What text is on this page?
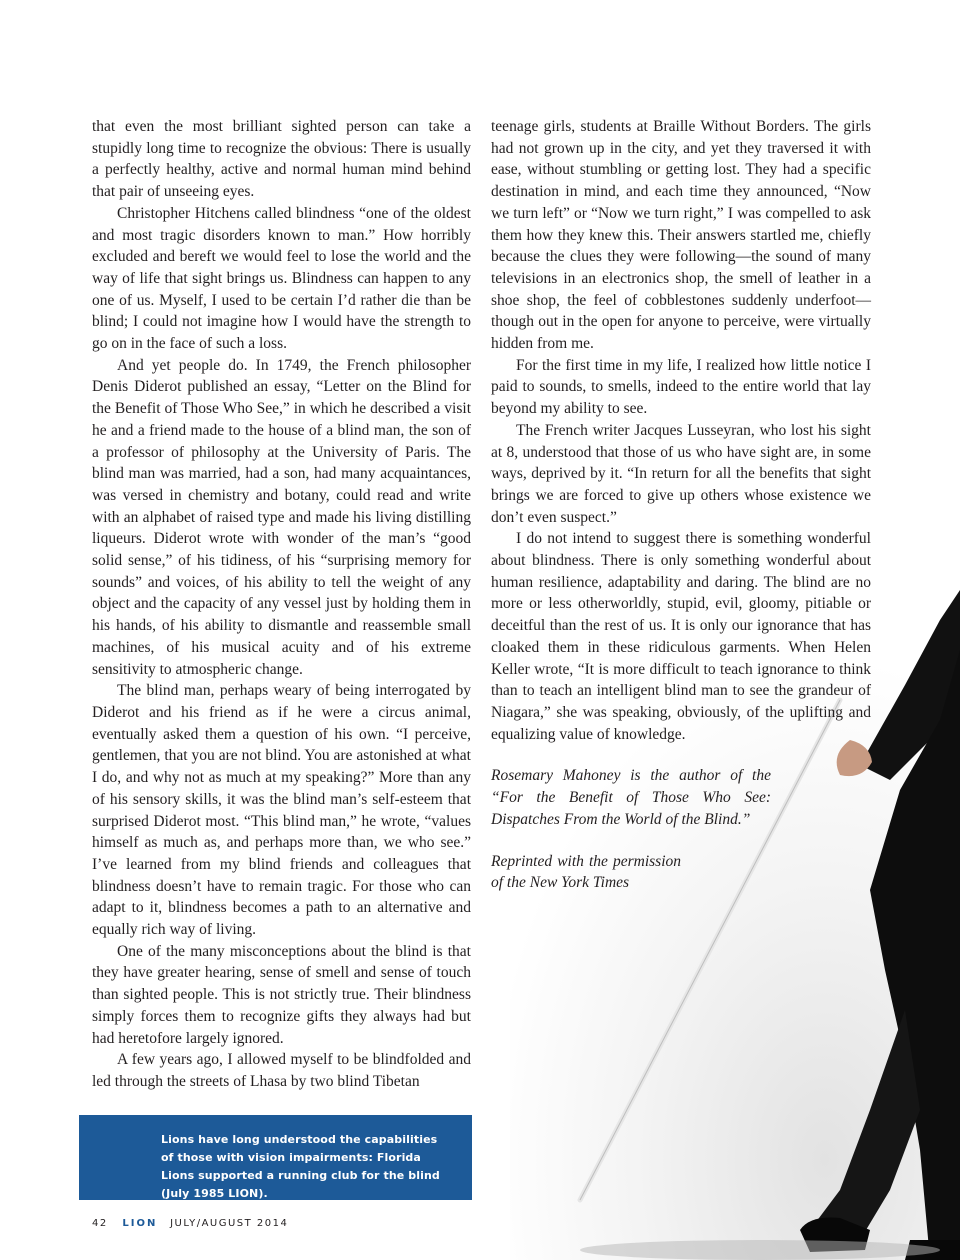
that even the most brilliant sighted person can take a stupidly long time to recognize the obvious: There is usually a perfectly healthy, active and normal human mind behind that pair of unseeing eyes.

Christopher Hitchens called blindness “one of the oldest and most tragic disorders known to man.” How horribly excluded and bereft we would feel to lose the world and the way of life that sight brings us. Blindness can happen to any one of us. Myself, I used to be certain I’d rather die than be blind; I could not imagine how I would have the strength to go on in the face of such a loss.

And yet people do. In 1749, the French philosopher Denis Diderot published an essay, “Letter on the Blind for the Benefit of Those Who See,” in which he described a visit he and a friend made to the house of a blind man, the son of a professor of philosophy at the University of Paris. The blind man was married, had a son, had many acquaintances, was versed in chemistry and botany, could read and write with an alphabet of raised type and made his living distilling liqueurs. Diderot wrote with wonder of the man’s “good solid sense,” of his tidiness, of his “surprising memory for sounds” and voices, of his ability to tell the weight of any object and the capacity of any vessel just by holding them in his hands, of his ability to dismantle and reassemble small machines, of his musical acuity and of his extreme sensitivity to atmospheric change.

The blind man, perhaps weary of being interrogated by Diderot and his friend as if he were a circus animal, eventually asked them a question of his own. “I perceive, gentlemen, that you are not blind. You are astonished at what I do, and why not as much at my speaking?” More than any of his sensory skills, it was the blind man’s self-esteem that surprised Diderot most. “This blind man,” he wrote, “values himself as much as, and perhaps more than, we who see.” I’ve learned from my blind friends and colleagues that blindness doesn’t have to remain tragic. For those who can adapt to it, blindness becomes a path to an alternative and equally rich way of living.

One of the many misconceptions about the blind is that they have greater hearing, sense of smell and sense of touch than sighted people. This is not strictly true. Their blindness simply forces them to recognize gifts they always had but had heretofore largely ignored.

A few years ago, I allowed myself to be blindfolded and led through the streets of Lhasa by two blind Tibetan

teenage girls, students at Braille Without Borders. The girls had not grown up in the city, and yet they traversed it with ease, without stumbling or getting lost. They had a specific destination in mind, and each time they announced, “Now we turn left” or “Now we turn right,” I was compelled to ask them how they knew this. Their answers startled me, chiefly because the clues they were following—the sound of many televisions in an electronics shop, the smell of leather in a shoe shop, the feel of cobblestones suddenly underfoot—though out in the open for anyone to perceive, were virtually hidden from me.

For the first time in my life, I realized how little notice I paid to sounds, to smells, indeed to the entire world that lay beyond my ability to see.

The French writer Jacques Lusseyran, who lost his sight at 8, understood that those of us who have sight are, in some ways, deprived by it. “In return for all the benefits that sight brings we are forced to give up others whose existence we don’t even suspect.”

I do not intend to suggest there is something wonderful about blindness. There is only something wonderful about human resilience, adaptability and daring. The blind are no more or less otherworldly, stupid, evil, gloomy, pitiable or deceitful than the rest of us. It is only our ignorance that has cloaked them in these ridiculous garments. When Helen Keller wrote, “It is more difficult to teach ignorance to think than to teach an intelligent blind man to see the grandeur of Niagara,” she was speaking, obviously, of the uplifting and equalizing value of knowledge.

Rosemary Mahoney is the author of the “For the Benefit of Those Who See: Dispatches From the World of the Blind.”

Reprinted with the permission of the New York Times

Lions have long understood the capabilities of those with vision impairments: Florida Lions supported a running club for the blind (July 1985 LION).
42 LION JULY/AUGUST 2014
